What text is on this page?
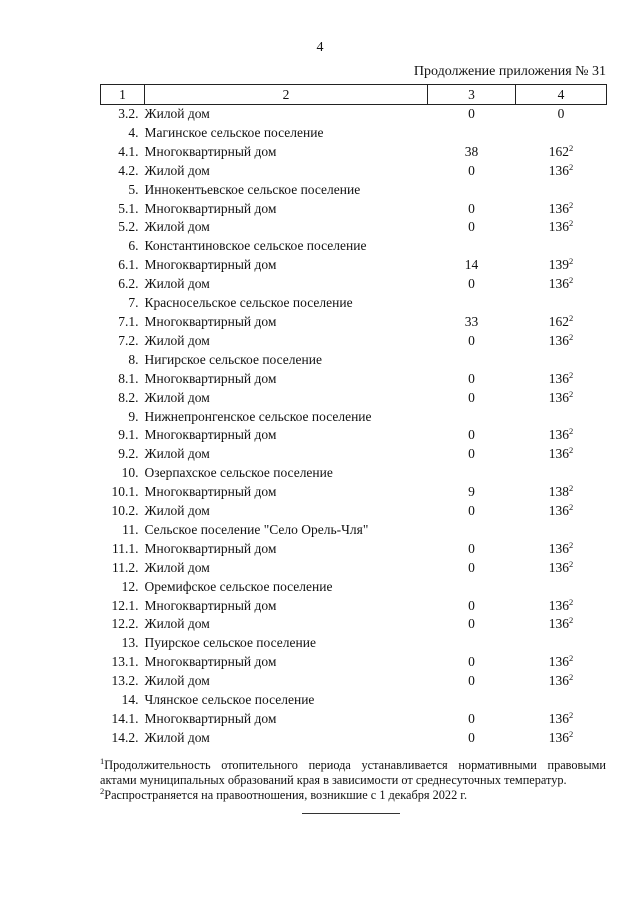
4
Продолжение приложения № 31
1	2	3	4
3.2.	Жилой дом	0	0
4.	Магинское сельское поселение		
4.1.	Многоквартирный дом	38	$162^2$
4.2.	Жилой дом	0	$136^2$
5.	Иннокентьевское сельское поселение		
5.1.	Многоквартирный дом	0	$136^2$
5.2.	Жилой дом	0	$136^2$
6.	Константиновское сельское поселение		
6.1.	Многоквартирный дом	14	$139^2$
6.2.	Жилой дом	0	$136^2$
7.	Красносельское сельское поселение		
7.1.	Многоквартирный дом	33	$162^2$
7.2.	Жилой дом	0	$136^2$
8.	Нигирское сельское поселение		
8.1.	Многоквартирный дом	0	$136^2$
8.2.	Жилой дом	0	$136^2$
9.	Нижнепронгенское сельское поселение		
9.1.	Многоквартирный дом	0	$136^2$
9.2.	Жилой дом	0	$136^2$
10.	Озерпахское сельское поселение		
10.1.	Многоквартирный дом	9	$138^2$
10.2.	Жилой дом	0	$136^2$
11.	Сельское поселение "Село Орель-Чля"		
11.1.	Многоквартирный дом	0	$136^2$
11.2.	Жилой дом	0	$136^2$
12.	Оремифское сельское поселение		
12.1.	Многоквартирный дом	0	$136^2$
12.2.	Жилой дом	0	$136^2$
13.	Пуирское сельское поселение		
13.1.	Многоквартирный дом	0	$136^2$
13.2.	Жилой дом	0	$136^2$
14.	Члянское сельское поселение		
14.1.	Многоквартирный дом	0	$136^2$
14.2.	Жилой дом	0	$136^2$

$^1$Продолжительность отопительного периода устанавливается нормативными правовыми актами муниципальных образований края в зависимости от среднесуточных температур.

$^2$Распространяется на правоотношения, возникшие с 1 декабря 2022 г.
